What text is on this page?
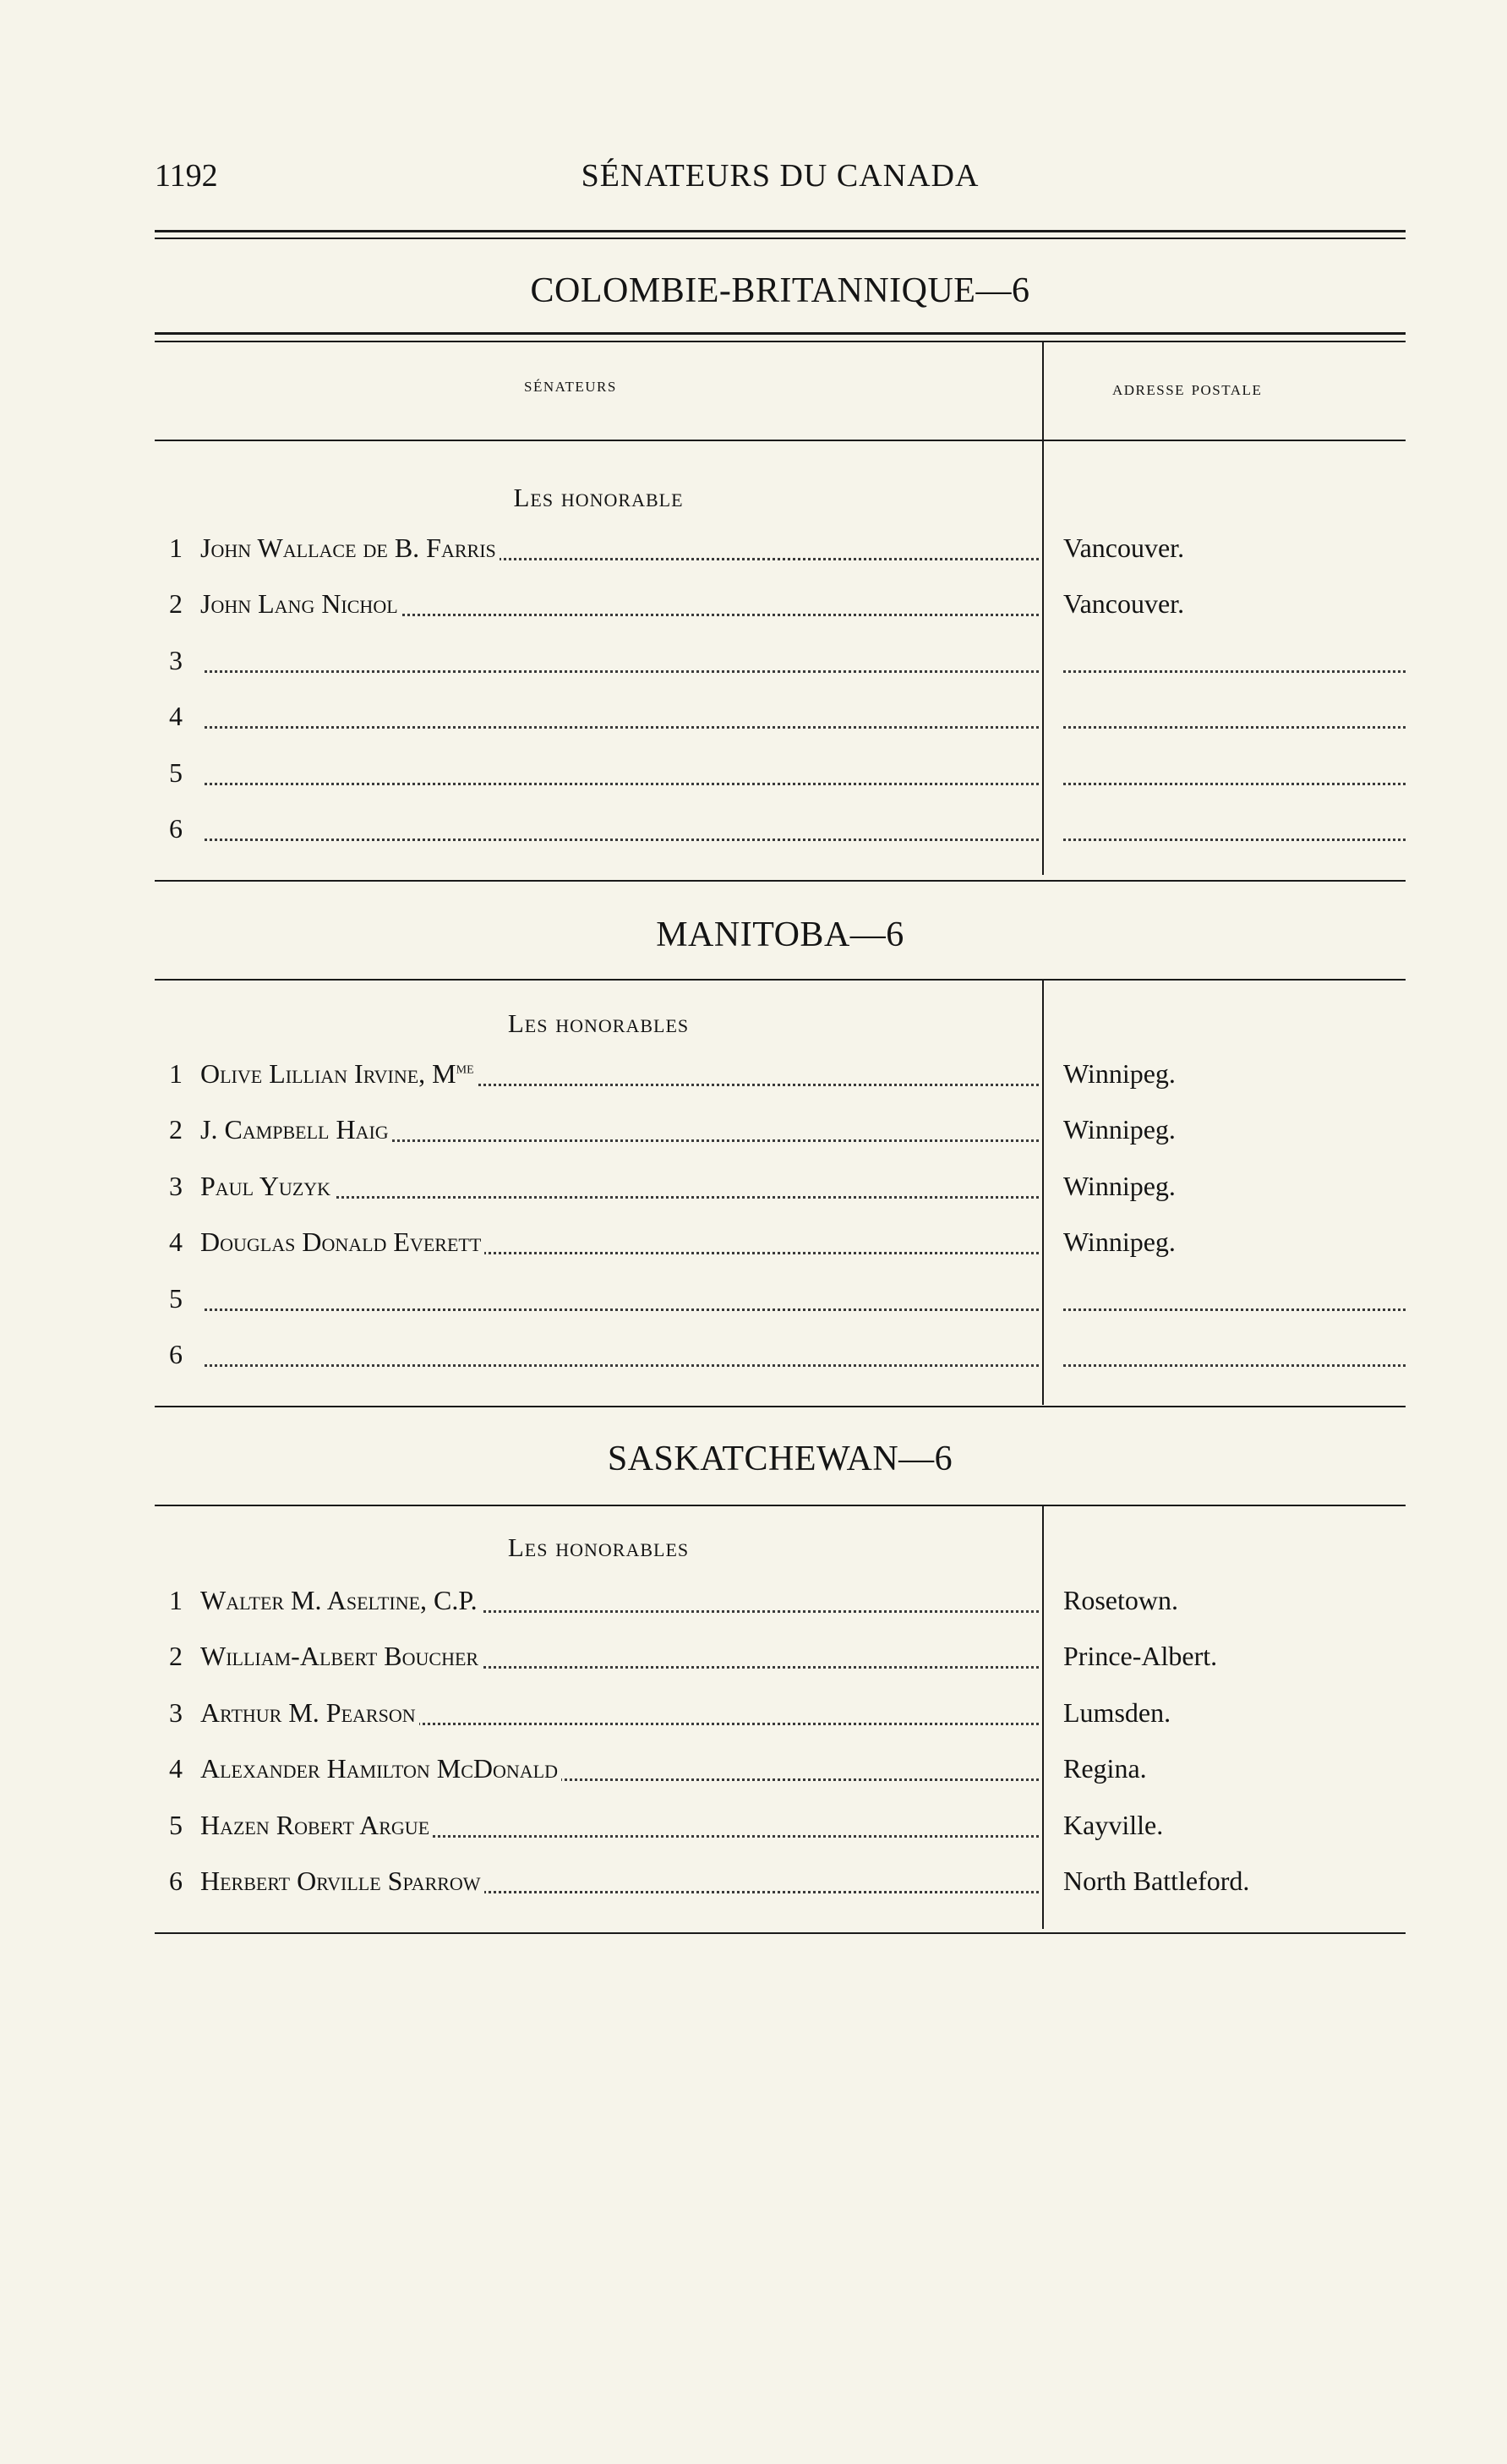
1192	SÉNATEURS DU CANADA
COLOMBIE-BRITANNIQUE—6
sénateurs	adresse postale
Les honorable
1 John Wallace de B. Farris	Vancouver.
2 John Lang Nichol	Vancouver.
3
4
5
6
MANITOBA—6
Les honorables
1 Olive Lillian Irvine, $M^{me}$	Winnipeg.
2 J. Campbell Haig	Winnipeg.
3 Paul Yuzyk	Winnipeg.
4 Douglas Donald Everett	Winnipeg.
5
6
SASKATCHEWAN—6
Les honorables
1 Walter M. Aseltine, C.P.	Rosetown.
2 William-Albert Boucher	Prince-Albert.
3 Arthur M. Pearson	Lumsden.
4 Alexander Hamilton McDonald	Regina.
5 Hazen Robert Argue	Kayville.
6 Herbert Orville Sparrow	North Battleford.
